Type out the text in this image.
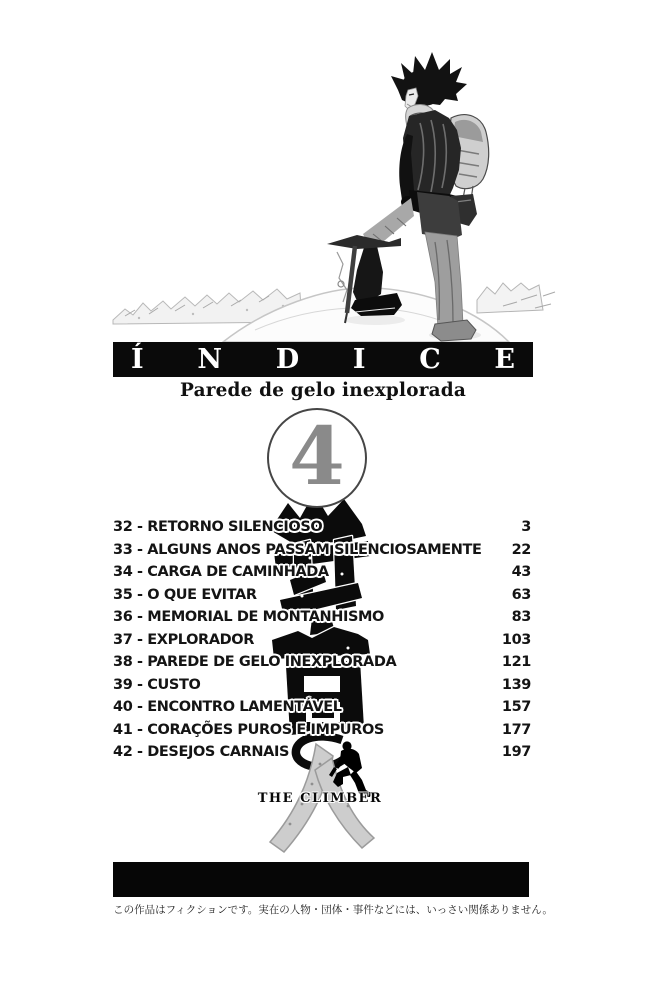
Í N D I C E
Parede de gelo inexplorada
4
32 - RETORNO SILENCIOSO	3
33 - ALGUNS ANOS PASSAM SILENCIOSAMENTE 22
34 - CARGA DE CAMINHADA	43
35 - O QUE EVITAR	63
36 - MEMORIAL DE MONTANHISMO	83
37 - EXPLORADOR	103
38 - PAREDE DE GELO INEXPLORADA	121
39 - CUSTO	139
40 - ENCONTRO LAMENTÁVEL	157
41 - CORAÇÕES PUROS E IMPUROS	177
42 - DESEJOS CARNAIS	197
THE CLIMBER
この作品はフィクションです。実在の人物・団体・事件などには、いっさい関係ありません。
